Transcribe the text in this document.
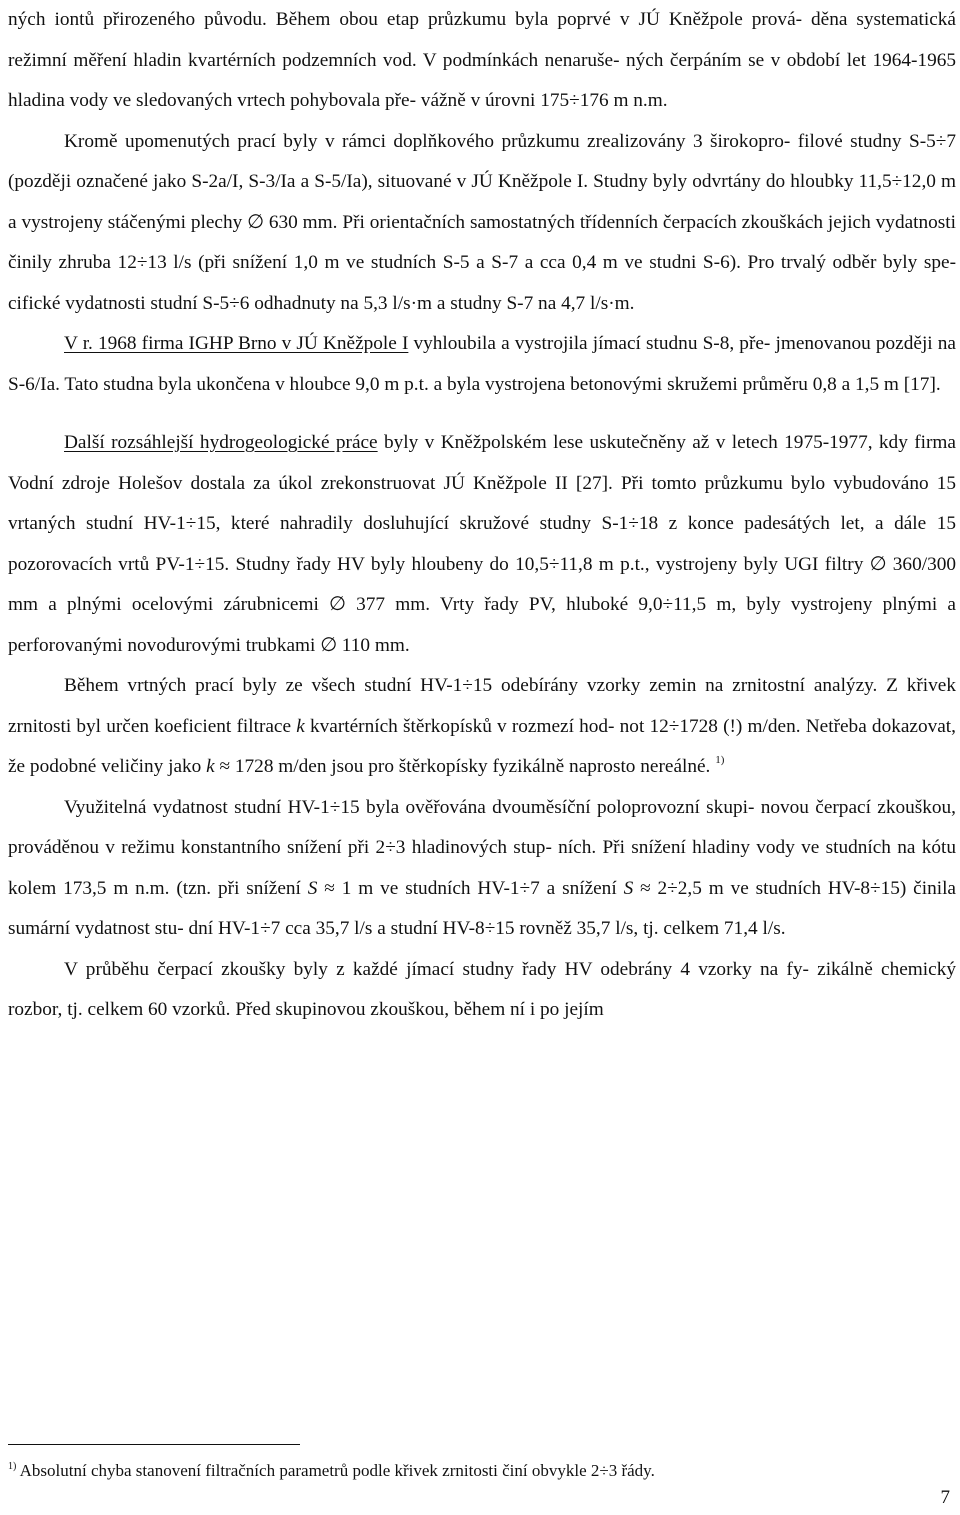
ných iontů přirozeného původu. Během obou etap průzkumu byla poprvé v JÚ Kněžpole prová- děna systematická režimní měření hladin kvartérních podzemních vod. V podmínkách nenaruše- ných čerpáním se v období let 1964-1965 hladina vody ve sledovaných vrtech pohybovala pře- vážně v úrovni 175÷176 m n.m.

Kromě upomenutých prací byly v rámci doplňkového průzkumu zrealizovány 3 širokopro- filové studny S-5÷7 (později označené jako S-2a/I, S-3/Ia a S-5/Ia), situované v JÚ Kněžpole I. Studny byly odvrtány do hloubky 11,5÷12,0 m a vystrojeny stáčenými plechy ∅ 630 mm. Při orientačních samostatných třídenních čerpacích zkouškách jejich vydatnosti činily zhruba 12÷13 l/s (při snížení 1,0 m ve studních S-5 a S-7 a cca 0,4 m ve studni S-6). Pro trvalý odběr byly spe- cifické vydatnosti studní S-5÷6 odhadnuty na 5,3 l/s·m a studny S-7 na 4,7 l/s·m.

V r. 1968 firma IGHP Brno v JÚ Kněžpole I vyhloubila a vystrojila jímací studnu S-8, pře- jmenovanou později na S-6/Ia. Tato studna byla ukončena v hloubce 9,0 m p.t. a byla vystrojena betonovými skružemi průměru 0,8 a 1,5 m [17].

Další rozsáhlejší hydrogeologické práce byly v Kněžpolském lese uskutečněny až v letech 1975-1977, kdy firma Vodní zdroje Holešov dostala za úkol zrekonstruovat JÚ Kněžpole II [27]. Při tomto průzkumu bylo vybudováno 15 vrtaných studní HV-1÷15, které nahradily dosluhující skružové studny S-1÷18 z konce padesátých let, a dále 15 pozorovacích vrtů PV-1÷15. Studny řady HV byly hloubeny do 10,5÷11,8 m p.t., vystrojeny byly UGI filtry ∅ 360/300 mm a plnými ocelovými zárubnicemi ∅ 377 mm. Vrty řady PV, hluboké 9,0÷11,5 m, byly vystrojeny plnými a perforovanými novodurovými trubkami ∅ 110 mm.

Během vrtných prací byly ze všech studní HV-1÷15 odebírány vzorky zemin na zrnitostní analýzy. Z křivek zrnitosti byl určen koeficient filtrace k kvartérních štěrkopísků v rozmezí hod- not 12÷1728 (!) m/den. Netřeba dokazovat, že podobné veličiny jako k ≈ 1728 m/den jsou pro štěrkopísky fyzikálně naprosto nereálné. $^{1)}$

Využitelná vydatnost studní HV-1÷15 byla ověřována dvouměsíční poloprovozní skupi- novou čerpací zkouškou, prováděnou v režimu konstantního snížení při 2÷3 hladinových stup- ních. Při snížení hladiny vody ve studních na kótu kolem 173,5 m n.m. (tzn. při snížení S ≈ 1 m ve studních HV-1÷7 a snížení S ≈ 2÷2,5 m ve studních HV-8÷15) činila sumární vydatnost stu- dní HV-1÷7 cca 35,7 l/s a studní HV-8÷15 rovněž 35,7 l/s, tj. celkem 71,4 l/s.

V průběhu čerpací zkoušky byly z každé jímací studny řady HV odebrány 4 vzorky na fy- zikálně chemický rozbor, tj. celkem 60 vzorků. Před skupinovou zkouškou, během ní i po jejím

$^{1)}$ Absolutní chyba stanovení filtračních parametrů podle křivek zrnitosti činí obvykle 2÷3 řády.
7
